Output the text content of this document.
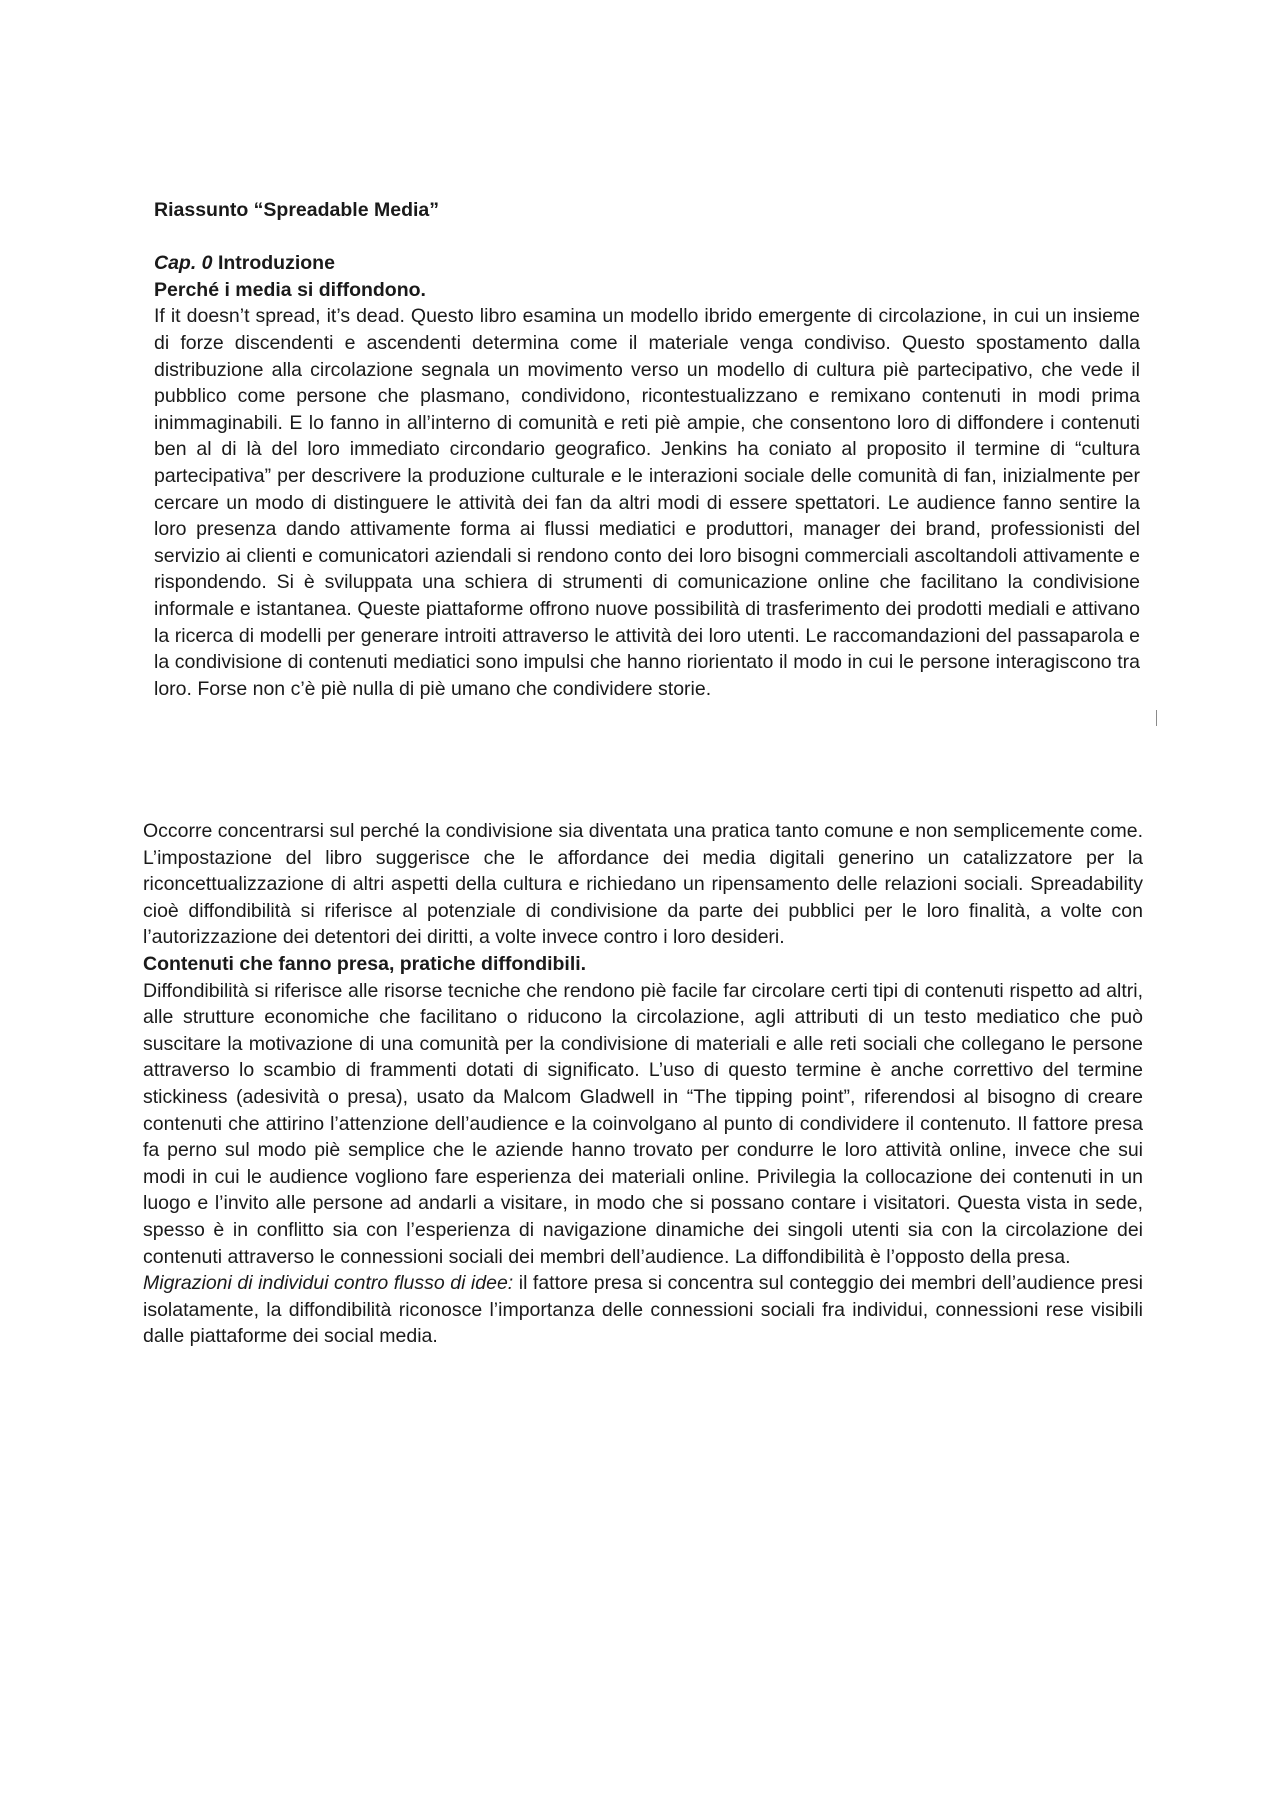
Riassunto “Spreadable Media”

Cap. 0 Introduzione

Perché i media si diffondono.

If it doesn’t spread, it’s dead. Questo libro esamina un modello ibrido emergente di circolazione, in cui un insieme di forze discendenti e ascendenti determina come il materiale venga condiviso. Questo spostamento dalla distribuzione alla circolazione segnala un movimento verso un modello di cultura piè partecipativo, che vede il pubblico come persone che plasmano, condividono, ricontestualizzano e remixano contenuti in modi prima inimmaginabili. E lo fanno in all’interno di comunità e reti piè ampie, che consentono loro di diffondere i contenuti ben al di là del loro immediato circondario geografico. Jenkins ha coniato al proposito il termine di “cultura partecipativa” per descrivere la produzione culturale e le interazioni sociale delle comunità di fan, inizialmente per cercare un modo di distinguere le attività dei fan da altri modi di essere spettatori. Le audience fanno sentire la loro presenza dando attivamente forma ai flussi mediatici e produttori, manager dei brand, professionisti del servizio ai clienti e comunicatori aziendali si rendono conto dei loro bisogni commerciali ascoltandoli attivamente e rispondendo. Si è sviluppata una schiera di strumenti di comunicazione online che facilitano la condivisione informale e istantanea. Queste piattaforme offrono nuove possibilità di trasferimento dei prodotti mediali e attivano la ricerca di modelli per generare introiti attraverso le attività dei loro utenti. Le raccomandazioni del passaparola e la condivisione di contenuti mediatici sono impulsi che hanno riorientato il modo in cui le persone interagiscono tra loro. Forse non c’è piè nulla di piè umano che condividere storie.

Occorre concentrarsi sul perché la condivisione sia diventata una pratica tanto comune e non semplicemente come. L’impostazione del libro suggerisce che le affordance dei media digitali generino un catalizzatore per la riconcettualizzazione di altri aspetti della cultura e richiedano un ripensamento delle relazioni sociali. Spreadability cioè diffondibilità si riferisce al potenziale di condivisione da parte dei pubblici per le loro finalità, a volte con l’autorizzazione dei detentori dei diritti, a volte invece contro i loro desideri.

Contenuti che fanno presa, pratiche diffondibili.

Diffondibilità si riferisce alle risorse tecniche che rendono piè facile far circolare certi tipi di contenuti rispetto ad altri, alle strutture economiche che facilitano o riducono la circolazione, agli attributi di un testo mediatico che può suscitare la motivazione di una comunità per la condivisione di materiali e alle reti sociali che collegano le persone attraverso lo scambio di frammenti dotati di significato. L’uso di questo termine è anche correttivo del termine stickiness (adesività o presa), usato da Malcom Gladwell in “The tipping point”, riferendosi al bisogno di creare contenuti che attirino l’attenzione dell’audience e la coinvolgano al punto di condividere il contenuto. Il fattore presa fa perno sul modo piè semplice che le aziende hanno trovato per condurre le loro attività online, invece che sui modi in cui le audience vogliono fare esperienza dei materiali online. Privilegia la collocazione dei contenuti in un luogo e l’invito alle persone ad andarli a visitare, in modo che si possano contare i visitatori. Questa vista in sede, spesso è in conflitto sia con l’esperienza di navigazione dinamiche dei singoli utenti sia con la circolazione dei contenuti attraverso le connessioni sociali dei membri dell’audience. La diffondibilità è l’opposto della presa.

Migrazioni di individui contro flusso di idee: il fattore presa si concentra sul conteggio dei membri dell’audience presi isolatamente, la diffondibilità riconosce l’importanza delle connessioni sociali fra individui, connessioni rese visibili dalle piattaforme dei social media.
